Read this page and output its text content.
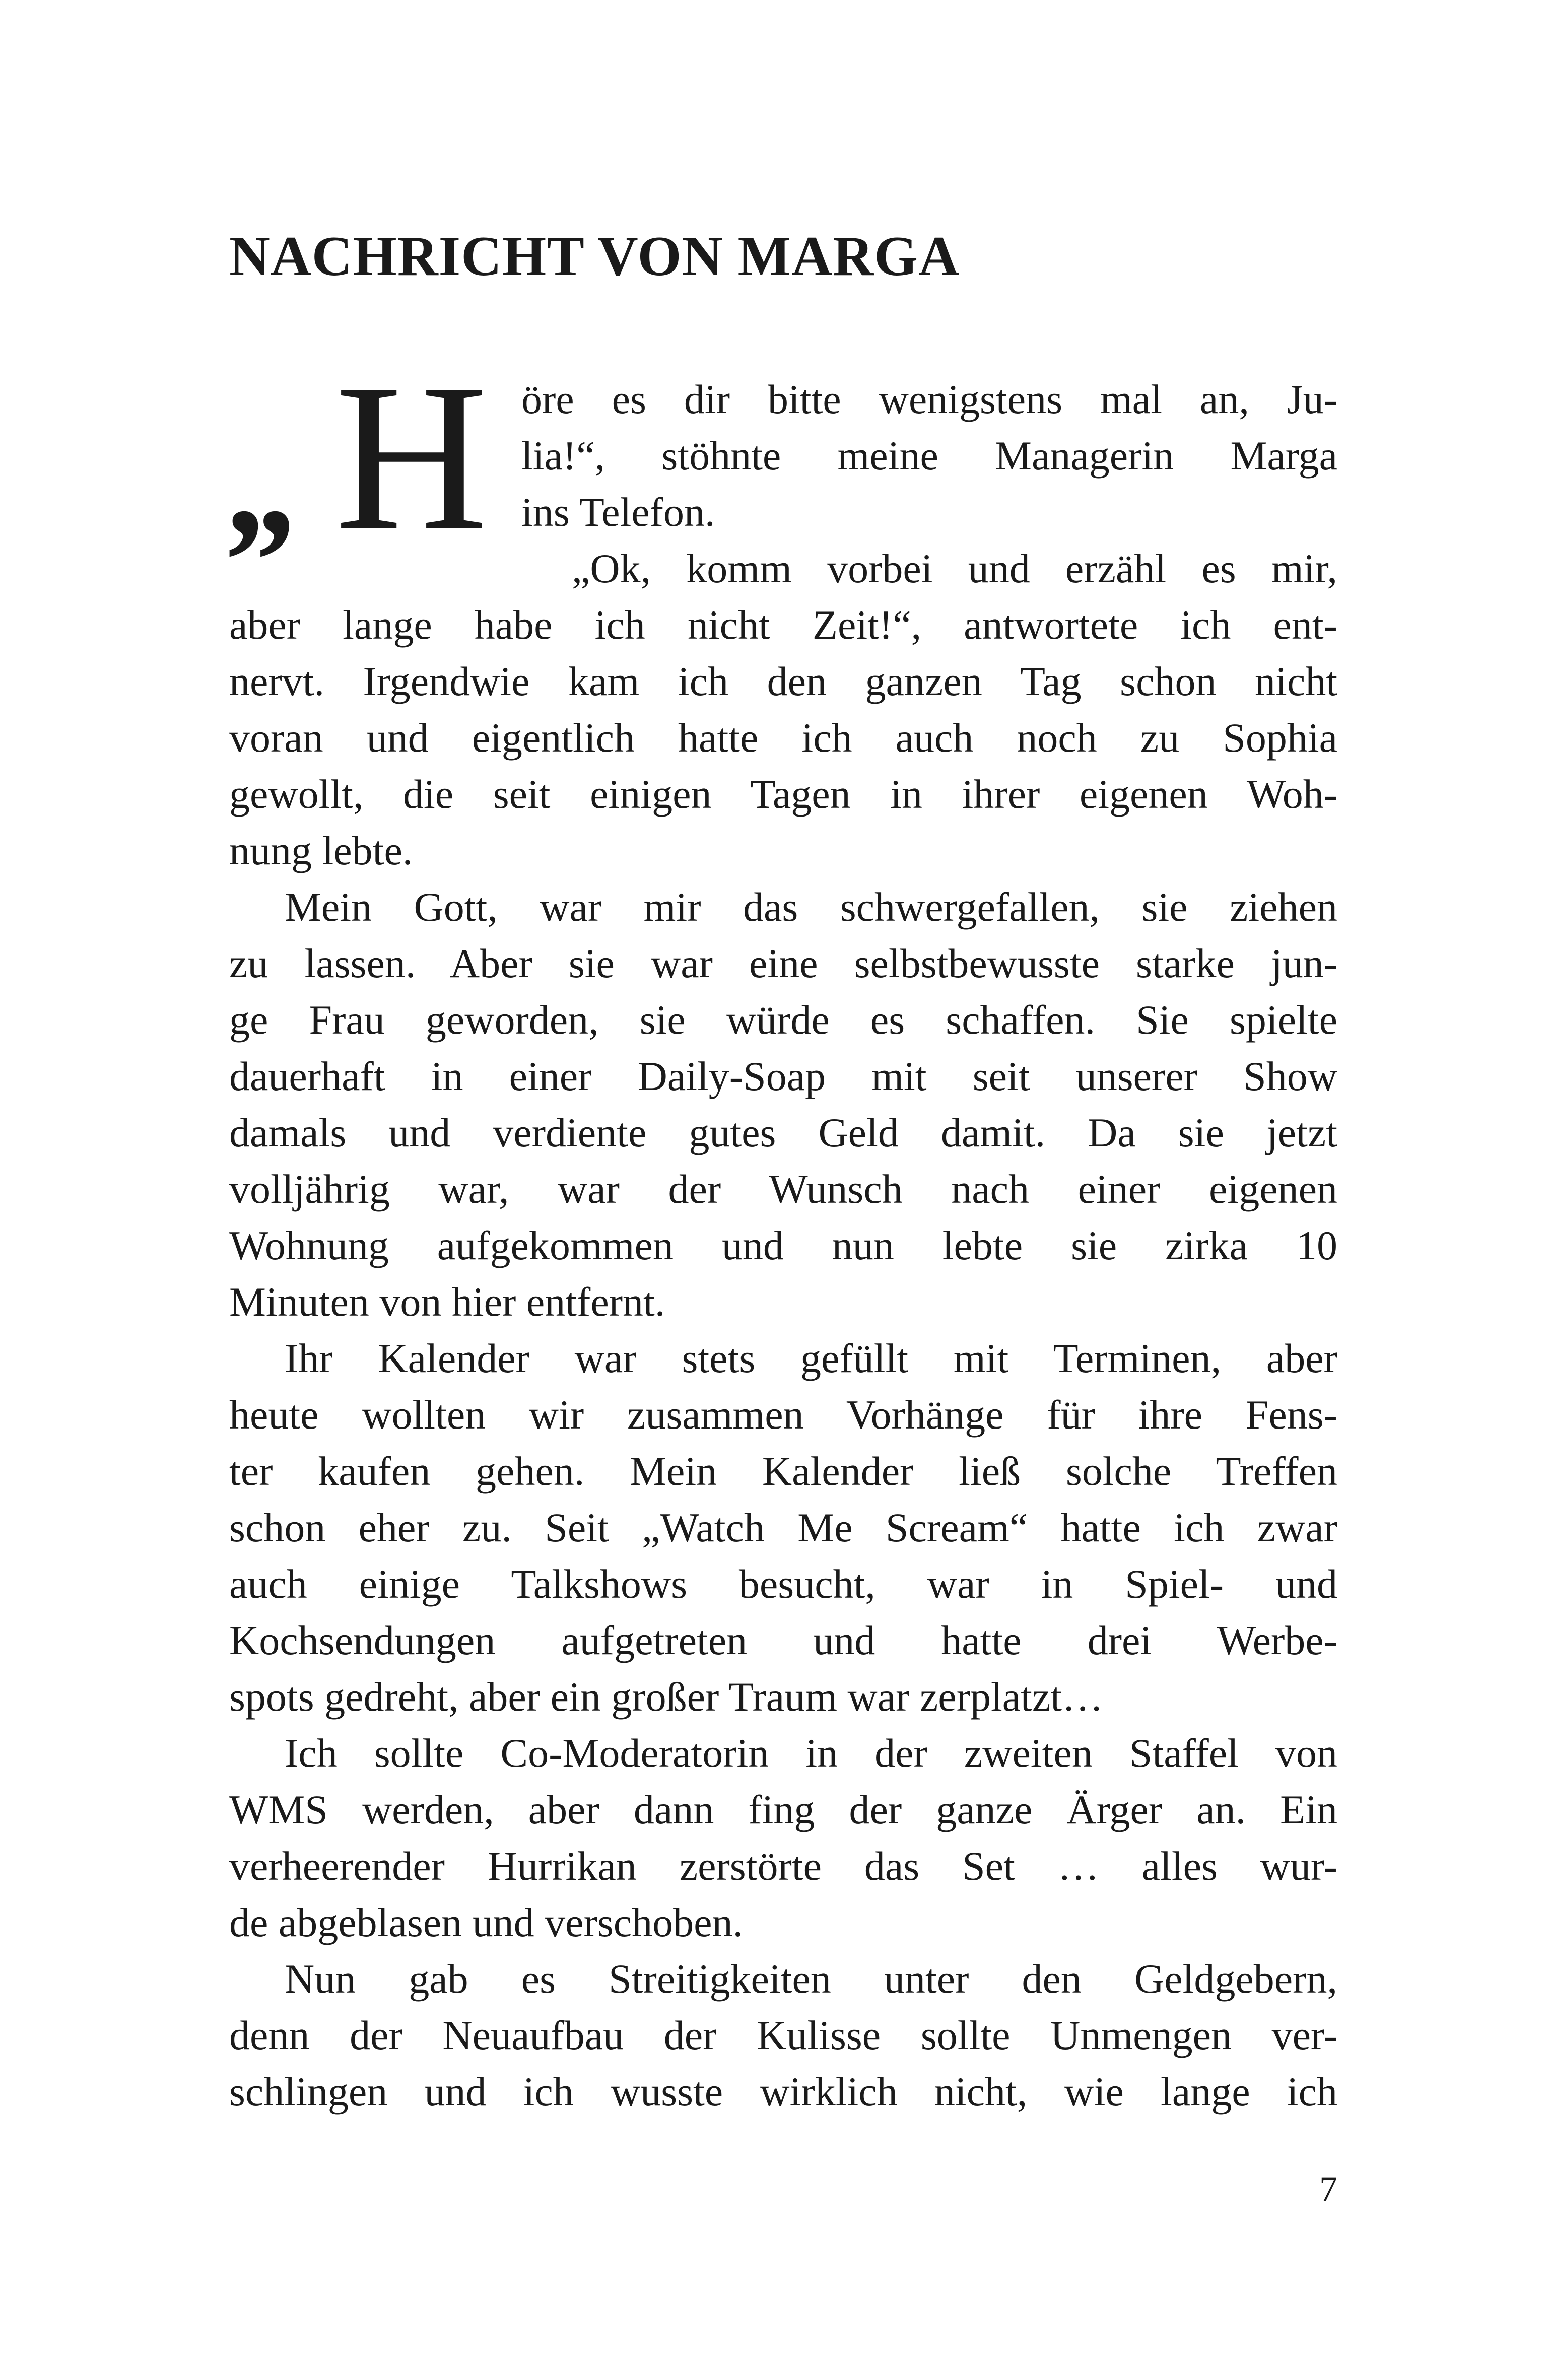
NACHRICHT VON MARGA
„ H öre es dir bitte wenigstens mal an, Ju-
lia!“, stöhnte meine Managerin Marga
ins Telefon.
„Ok, komm vorbei und erzähl es mir,
aber lange habe ich nicht Zeit!“, antwortete ich ent-
nervt. Irgendwie kam ich den ganzen Tag schon nicht
voran und eigentlich hatte ich auch noch zu Sophia
gewollt, die seit einigen Tagen in ihrer eigenen Woh-
nung lebte.
Mein Gott, war mir das schwergefallen, sie ziehen
zu lassen. Aber sie war eine selbstbewusste starke jun-
ge Frau geworden, sie würde es schaffen. Sie spielte
dauerhaft in einer Daily-Soap mit seit unserer Show
damals und verdiente gutes Geld damit. Da sie jetzt
volljährig war, war der Wunsch nach einer eigenen
Wohnung aufgekommen und nun lebte sie zirka 10
Minuten von hier entfernt.
Ihr Kalender war stets gefüllt mit Terminen, aber
heute wollten wir zusammen Vorhänge für ihre Fens-
ter kaufen gehen. Mein Kalender ließ solche Treffen
schon eher zu. Seit „Watch Me Scream“ hatte ich zwar
auch einige Talkshows besucht, war in Spiel- und
Kochsendungen aufgetreten und hatte drei Werbe-
spots gedreht, aber ein großer Traum war zerplatzt…
Ich sollte Co-Moderatorin in der zweiten Staffel von
WMS werden, aber dann fing der ganze Ärger an. Ein
verheerender Hurrikan zerstörte das Set … alles wur-
de abgeblasen und verschoben.
Nun gab es Streitigkeiten unter den Geldgebern,
denn der Neuaufbau der Kulisse sollte Unmengen ver-
schlingen und ich wusste wirklich nicht, wie lange ich
7
